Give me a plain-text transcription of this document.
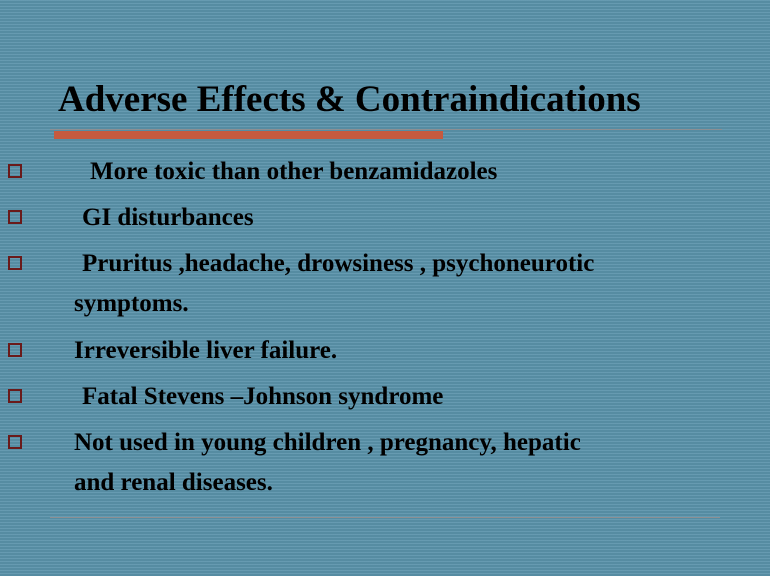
Adverse Effects & Contraindications
More toxic than other benzamidazoles
GI disturbances
Pruritus ,headache, drowsiness , psychoneurotic
symptoms.
Irreversible liver failure.
Fatal Stevens –Johnson syndrome
Not used in young children , pregnancy, hepatic
and renal diseases.
